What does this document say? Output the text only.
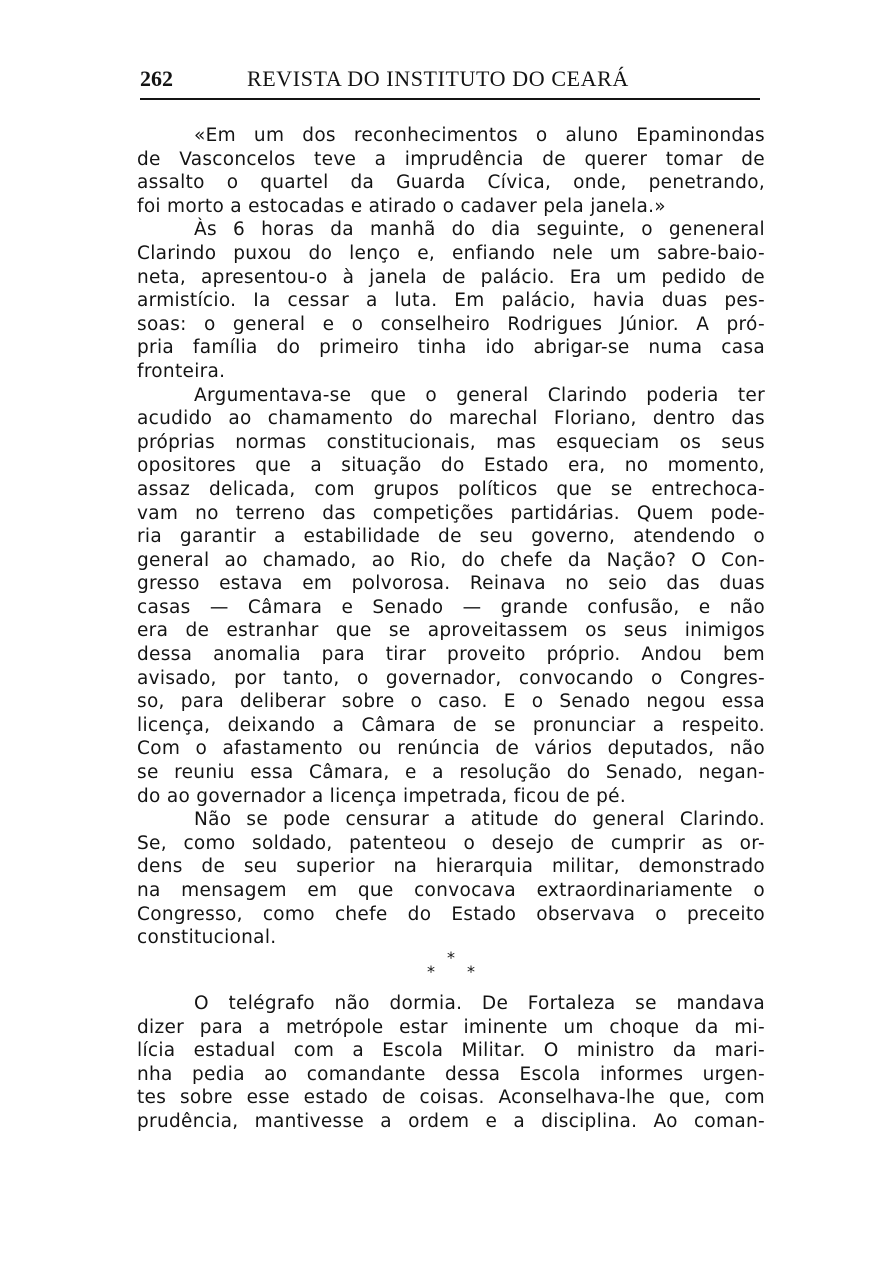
262	REVISTA DO INSTITUTO DO CEARÁ
«Em um dos reconhecimentos o aluno Epaminondas
de Vasconcelos teve a imprudência de querer tomar de
assalto o quartel da Guarda Cívica, onde, penetrando,
foi morto a estocadas e atirado o cadaver pela janela.»
Às 6 horas da manhã do dia seguinte, o geneneral
Clarindo puxou do lenço e, enfiando nele um sabre-baio-
neta, apresentou-o à janela de palácio. Era um pedido de
armistício. Ia cessar a luta. Em palácio, havia duas pes-
soas: o general e o conselheiro Rodrigues Júnior. A pró-
pria família do primeiro tinha ido abrigar-se numa casa
fronteira.
Argumentava-se que o general Clarindo poderia ter
acudido ao chamamento do marechal Floriano, dentro das
próprias normas constitucionais, mas esqueciam os seus
opositores que a situação do Estado era, no momento,
assaz delicada, com grupos políticos que se entrechoca-
vam no terreno das competições partidárias. Quem pode-
ria garantir a estabilidade de seu governo, atendendo o
general ao chamado, ao Rio, do chefe da Nação? O Con-
gresso estava em polvorosa. Reinava no seio das duas
casas — Câmara e Senado — grande confusão, e não
era de estranhar que se aproveitassem os seus inimigos
dessa anomalia para tirar proveito próprio. Andou bem
avisado, por tanto, o governador, convocando o Congres-
so, para deliberar sobre o caso. E o Senado negou essa
licença, deixando a Câmara de se pronunciar a respeito.
Com o afastamento ou renúncia de vários deputados, não
se reuniu essa Câmara, e a resolução do Senado, negan-
do ao governador a licença impetrada, ficou de pé.
Não se pode censurar a atitude do general Clarindo.
Se, como soldado, patenteou o desejo de cumprir as or-
dens de seu superior na hierarquia militar, demonstrado
na mensagem em que convocava extraordinariamente o
Congresso, como chefe do Estado observava o preceito
constitucional.
*
* *
O telégrafo não dormia. De Fortaleza se mandava
dizer para a metrópole estar iminente um choque da mi-
lícia estadual com a Escola Militar. O ministro da mari-
nha pedia ao comandante dessa Escola informes urgen-
tes sobre esse estado de coisas. Aconselhava-lhe que, com
prudência, mantivesse a ordem e a disciplina. Ao coman-
